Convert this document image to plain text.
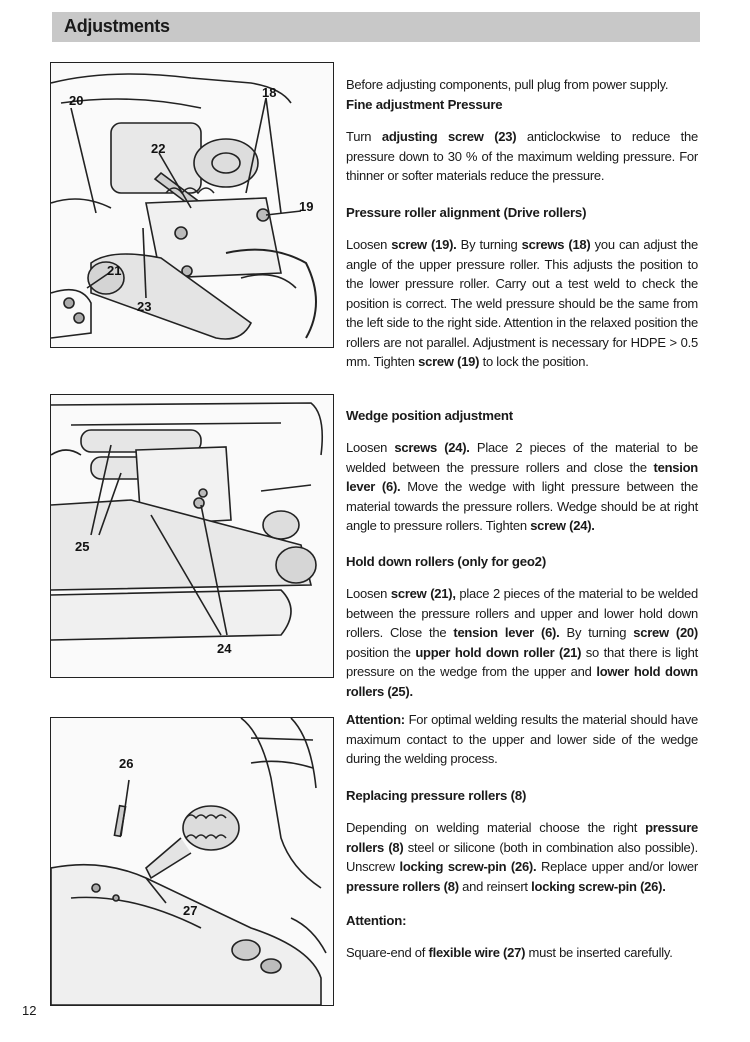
Adjustments
20
18
22
19
21
23
25
24
26
27

Before adjusting components, pull plug from power supply.

Fine adjustment Pressure

Turn adjusting screw (23) anticlockwise to reduce the pressure down to 30 % of the maximum welding pressure. For thinner or softer materials reduce the pressure.

Pressure roller alignment (Drive rollers)

Loosen screw (19). By turning screws (18) you can adjust the angle of the upper pressure roller. This adjusts the position to the lower pressure roller. Carry out a test weld to check the position is correct. The weld pressure should be the same from the left side to the right side. Attention in the relaxed position the rollers are not parallel. Adjustment is necessary for HDPE > 0.5 mm. Tighten screw (19) to lock the position.

Wedge position adjustment

Loosen screws (24). Place 2 pieces of the material to be welded between the pressure rollers and close the tension lever (6). Move the wedge with light pressure between the material towards the pressure rollers. Wedge should be at right angle to pressure rollers. Tighten screw (24).

Hold down rollers (only for geo2)

Loosen screw (21), place 2 pieces of the material to be welded between the pressure rollers and upper and lower hold down rollers. Close the tension lever (6). By turning screw (20) position the upper hold down roller (21) so that there is light pressure on the wedge from the upper and lower hold down rollers (25).

Attention: For optimal welding results the material should have maximum contact to the upper and lower side of the wedge during the welding process.

Replacing pressure rollers (8)

Depending on welding material choose the right pressure rollers (8) steel or silicone (both in combination also possible). Unscrew locking screw-pin (26). Replace upper and/or lower pressure rollers (8) and reinsert locking screw-pin (26).

Attention:

Square-end of flexible wire (27) must be inserted carefully.

12
